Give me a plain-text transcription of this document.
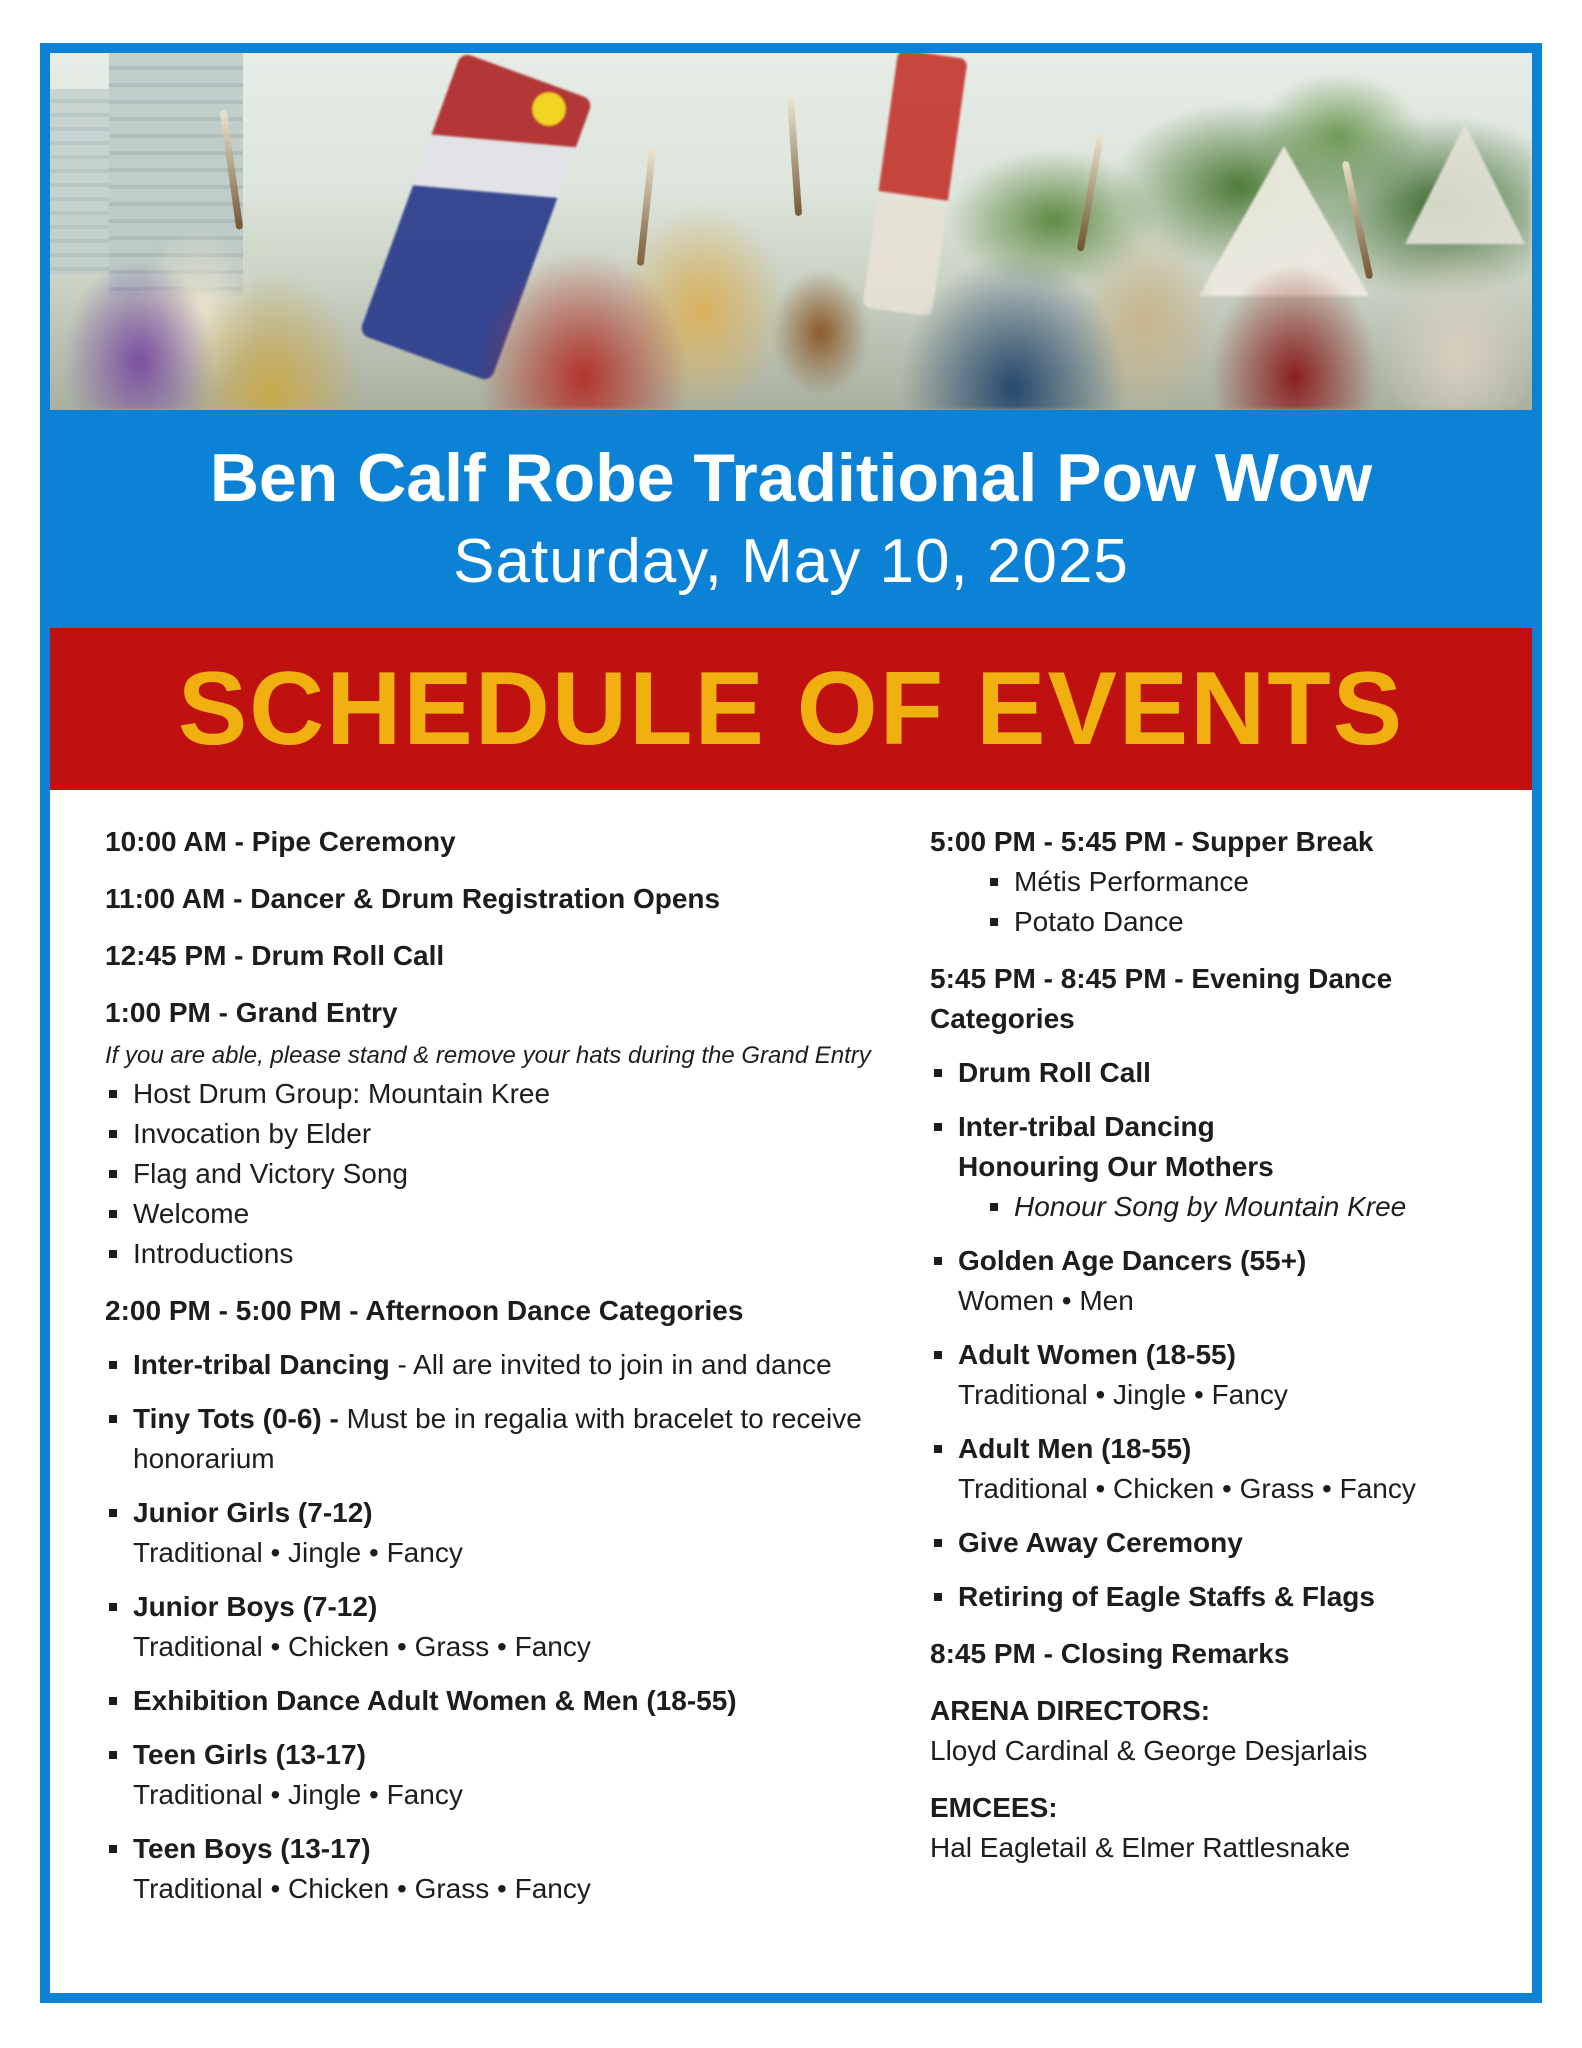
Ben Calf Robe Traditional Pow Wow
Saturday, May 10, 2025
SCHEDULE OF EVENTS
10:00 AM - Pipe Ceremony
11:00 AM - Dancer & Drum Registration Opens
12:45 PM - Drum Roll Call
1:00 PM - Grand Entry
If you are able, please stand & remove your hats during the Grand Entry
Host Drum Group: Mountain Kree
Invocation by Elder
Flag and Victory Song
Welcome
Introductions
2:00 PM - 5:00 PM - Afternoon Dance Categories
Inter-tribal Dancing - All are invited to join in and dance
Tiny Tots (0-6) - Must be in regalia with bracelet to receive honorarium
Junior Girls (7-12)
Traditional • Jingle • Fancy
Junior Boys (7-12)
Traditional • Chicken • Grass • Fancy
Exhibition Dance Adult Women & Men (18-55)
Teen Girls (13-17)
Traditional • Jingle • Fancy
Teen Boys (13-17)
Traditional • Chicken • Grass • Fancy
5:00 PM - 5:45 PM - Supper Break
Métis Performance
Potato Dance
5:45 PM - 8:45 PM - Evening Dance Categories
Drum Roll Call
Inter-tribal Dancing
Honouring Our Mothers
Honour Song by Mountain Kree
Golden Age Dancers (55+)
Women • Men
Adult Women (18-55)
Traditional • Jingle • Fancy
Adult Men (18-55)
Traditional • Chicken • Grass • Fancy
Give Away Ceremony
Retiring of Eagle Staffs & Flags
8:45 PM - Closing Remarks
ARENA DIRECTORS:
Lloyd Cardinal & George Desjarlais
EMCEES:
Hal Eagletail & Elmer Rattlesnake
